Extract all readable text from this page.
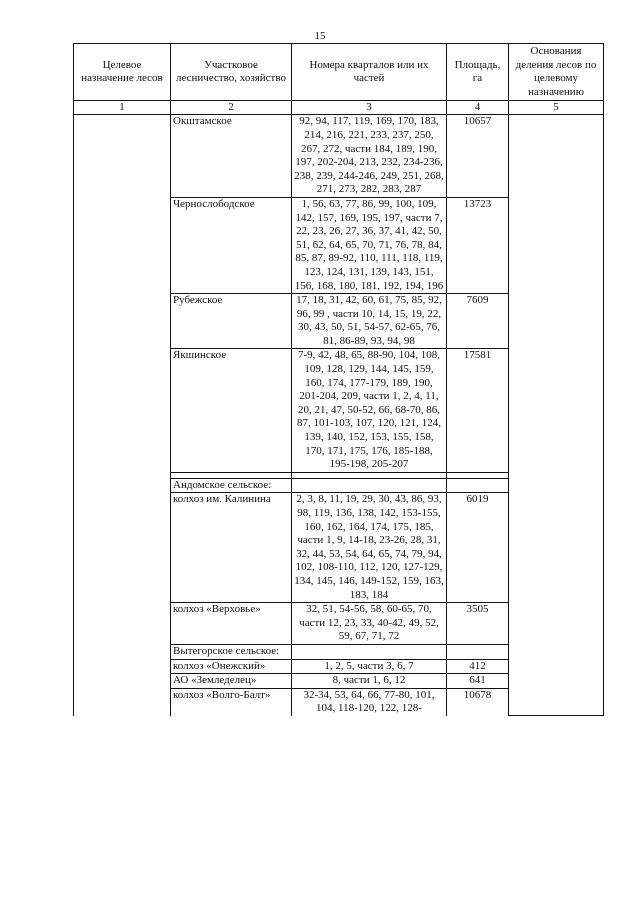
15
Целевое назначение лесов	Участковое лесничество, хозяйство	Номера кварталов или их частей	Площадь, га	Основания деления лесов по целевому назначению
1	2	3	4	5
	Окштамское	92, 94, 117, 119, 169, 170, 183, 214, 216, 221, 233, 237, 250, 267, 272, части 184, 189, 190, 197, 202-204, 213, 232, 234-236, 238, 239, 244-246, 249, 251, 268, 271, 273, 282, 283, 287	10657	
	Чернослободское	1, 56, 63, 77, 86, 99, 100, 109, 142, 157, 169, 195, 197, части 7, 22, 23, 26, 27, 36, 37, 41, 42, 50, 51, 62, 64, 65, 70, 71, 76, 78, 84, 85, 87, 89-92, 110, 111, 118, 119, 123, 124, 131, 139, 143, 151, 156, 168, 180, 181, 192, 194, 196	13723	
	Рубежское	17, 18, 31, 42, 60, 61, 75, 85, 92, 96, 99 , части 10, 14, 15, 19, 22, 30, 43, 50, 51, 54-57, 62-65, 76, 81, 86-89, 93, 94, 98	7609	
	Якшинское	7-9, 42, 48, 65, 88-90, 104, 108, 109, 128, 129, 144, 145, 159, 160, 174, 177-179, 189, 190, 201-204, 209, части 1, 2, 4, 11, 20, 21, 47, 50-52, 66, 68-70, 86, 87, 101-103, 107, 120, 121, 124, 139, 140, 152, 153, 155, 158, 170, 171, 175, 176, 185-188, 195-198, 205-207	17581	

	Андомское сельское:			
	колхоз им. Калинина	2, 3, 8, 11, 19, 29, 30, 43, 86, 93, 98, 119, 136, 138, 142, 153-155, 160, 162, 164, 174, 175, 185, части 1, 9, 14-18, 23-26, 28, 31, 32, 44, 53, 54, 64, 65, 74, 79, 94, 102, 108-110, 112, 120, 127-129, 134, 145, 146, 149-152, 159, 163, 183, 184	6019	
	колхоз «Верховье»	32, 51, 54-56, 58, 60-65, 70, части 12, 23, 33, 40-42, 49, 52, 59, 67, 71, 72	3505	
	Вытегорское сельское:			
	колхоз «Онежский»	1, 2, 5, части 3, 6, 7	412	
	АО «Земледелец»	8, части 1, 6, 12	641	
	колхоз «Волго-Балт»	32-34, 53, 64, 66, 77-80, 101, 104, 118-120, 122, 128-	10678	
